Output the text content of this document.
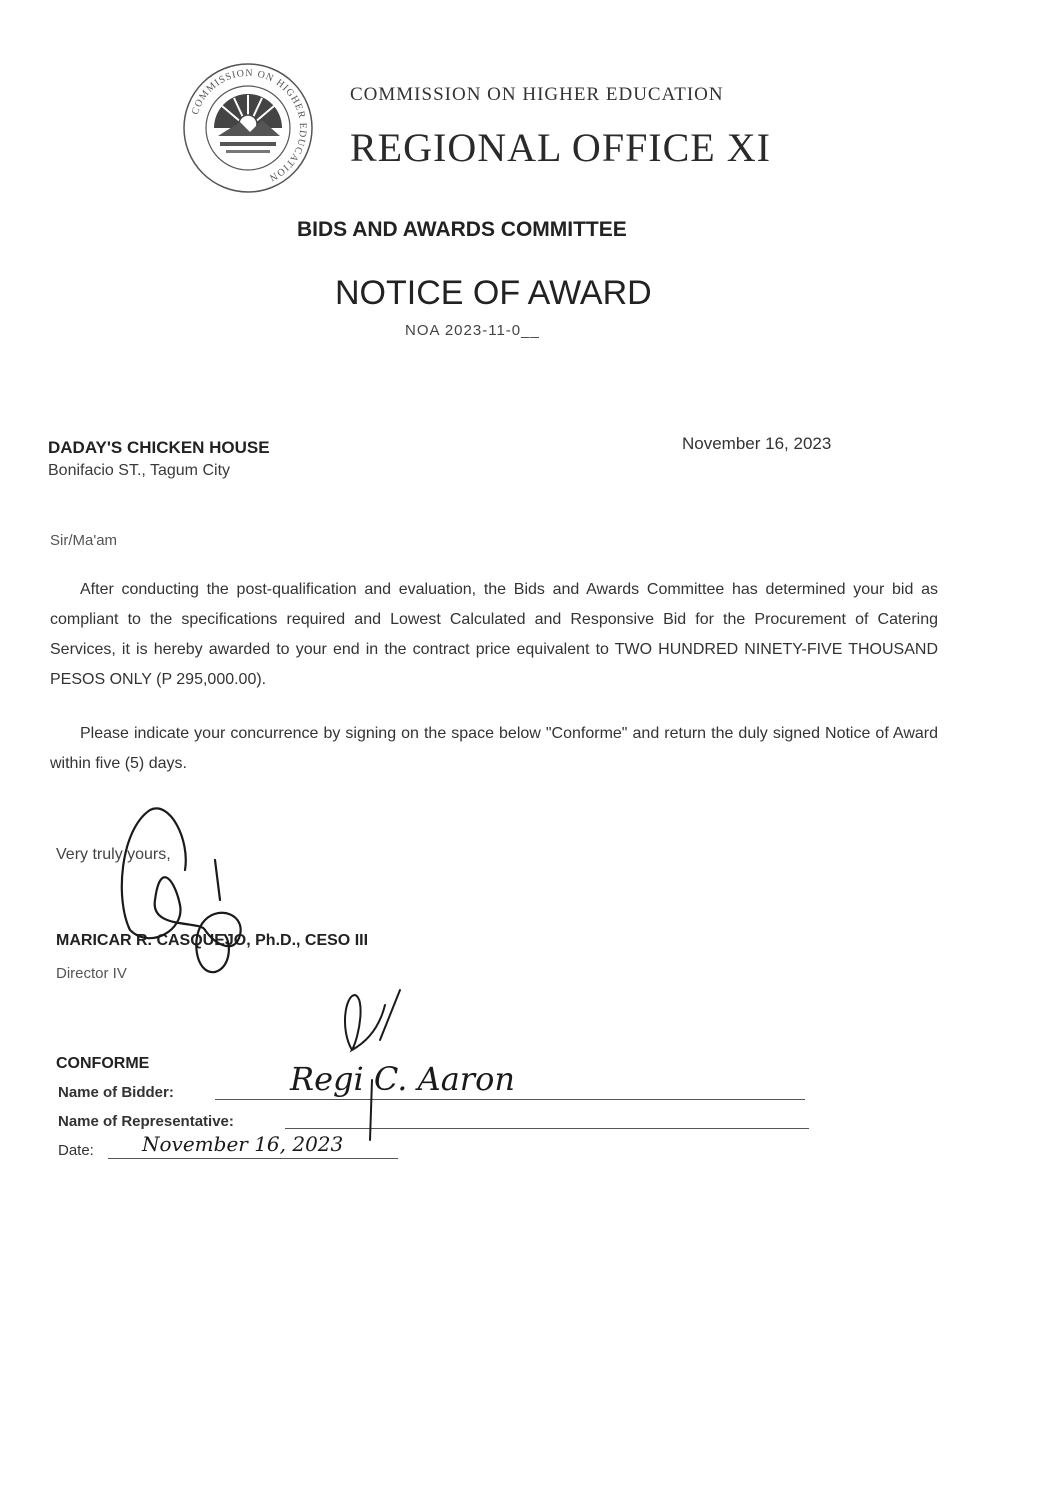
COMMISSION ON HIGHER EDUCATION
COMMISSION ON HIGHER EDUCATION
REGIONAL OFFICE XI
BIDS AND AWARDS COMMITTEE
NOTICE OF AWARD
NOA 2023-11-0__
DADAY'S CHICKEN HOUSE
Bonifacio ST., Tagum City
November 16, 2023
Sir/Ma'am
After conducting the post-qualification and evaluation, the Bids and Awards Committee has determined your bid as compliant to the specifications required and Lowest Calculated and Responsive Bid for the Procurement of Catering Services, it is hereby awarded to your end in the contract price equivalent to TWO HUNDRED NINETY-FIVE THOUSAND PESOS ONLY (P 295,000.00).
Please indicate your concurrence by signing on the space below "Conforme" and return the duly signed Notice of Award within five (5) days.
Very truly yours,
MARICAR R. CASQUEJO, Ph.D., CESO III
Director IV
CONFORME
Name of Bidder:
Name of Representative:
Date:
Regi C. Aaron
November 16, 2023
